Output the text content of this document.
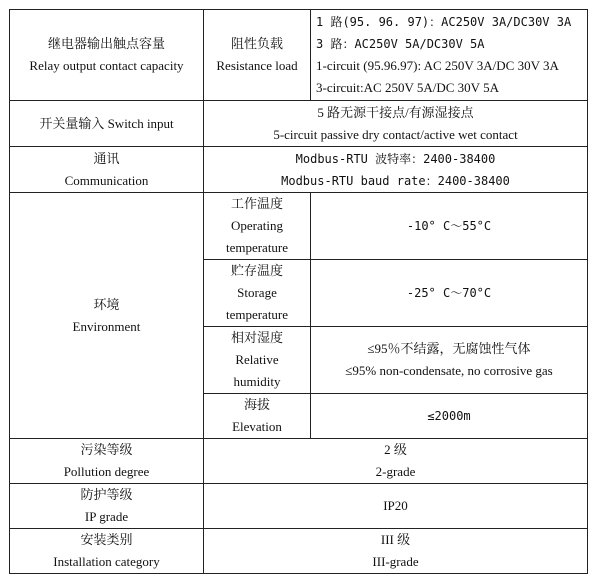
继电器输出触点容量
Relay output contact capacity	阻性负载
Resistance load	1 路(95. 96. 97)：AC250V 3A/DC30V 3A
3 路：AC250V 5A/DC30V 5A
1-circuit (95.96.97): AC 250V 3A/DC 30V 3A
3-circuit:AC 250V 5A/DC 30V 5A

开关量输入 Switch input	5 路无源干接点/有源湿接点
5-circuit passive dry contact/active wet contact	

通讯
Communication	Modbus-RTU 波特率：2400-38400
Modbus-RTU baud rate：2400-38400	

环境
Environment	工作温度
Operating
temperature	-10° C～55°C

	贮存温度
Storage
temperature	-25° C～70°C

	相对湿度
Relative
humidity	≤95％不结露，无腐蚀性气体
≤95% non-condensate, no corrosive gas

	海拔
Elevation	≤2000m

污染等级
Pollution degree	2 级
2-grade	

防护等级
IP grade	IP20	

安装类别
Installation category	III 级
III-grade	
